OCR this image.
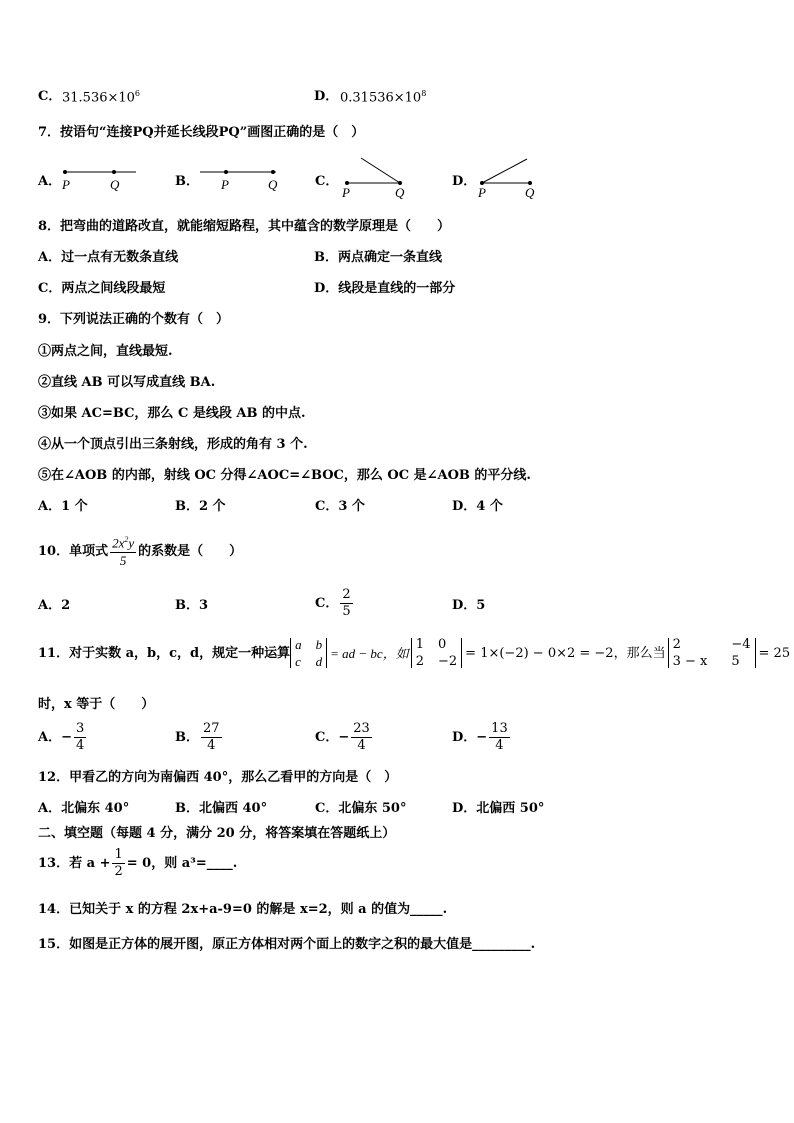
C． $31.536\times 10^6$	D． $0.31536\times 10^8$
7．按语句“连接PQ并延长线段PQ”画图正确的是（　）
A． P	Q	B． P	Q	C．
P	Q
D．
P	Q
8．把弯曲的道路改直，就能缩短路程，其中蕴含的数学原理是（　　）
A．过一点有无数条直线	B．两点确定一条直线
C．两点之间线段最短	D．线段是直线的一部分
9．下列说法正确的个数有（　）
①两点之间，直线最短.
②直线 AB 可以写成直线 BA.
③如果 AC=BC，那么 C 是线段 AB 的中点.
④从一个顶点引出三条射线，形成的角有 3 个.
⑤在∠AOB 的内部，射线 OC 分得∠AOC=∠BOC，那么 OC 是∠AOB 的平分线.
A．1 个	B．2 个	C．3 个	D．4 个
10．单项式 $\frac{2x^2y}{5}$ 的系数是（　　）
A．2	B．3	C． $\frac{2}{5}$	D．5
11．对于实数 a，b，c，d，规定一种运算
a b
c d
= ad − bc，如
1 0
2 −2
= 1×(−2) − 0×2 = −2，那么当
2	−4
3 − x 5
= 25
时，x 等于（　　）
A．− $\frac{3}{4}$	B． $\frac{27}{4}$	C．− $\frac{23}{4}$	D．− $\frac{13}{4}$
12．甲看乙的方向为南偏西 40°，那么乙看甲的方向是（　）
A．北偏东 40°	B．北偏西 40°	C．北偏东 50°	D．北偏西 50°
二、填空题（每题 4 分，满分 20 分，将答案填在答题纸上）
13．若 $a + \frac{1}{2} = 0$，则 a³=____.
14．已知关于 x 的方程 2x+a-9=0 的解是 x=2，则 a 的值为_____.
15．如图是正方体的展开图，原正方体相对两个面上的数字之积的最大值是_________.
